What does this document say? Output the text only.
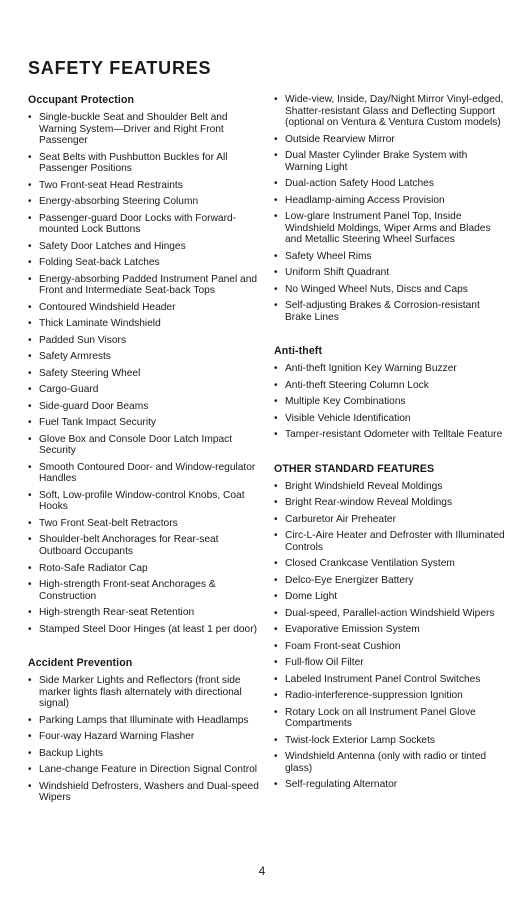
SAFETY FEATURES
Occupant Protection
• Single-buckle Seat and Shoulder Belt and Warning System—Driver and Right Front Passenger
• Seat Belts with Pushbutton Buckles for All Passenger Positions
• Two Front-seat Head Restraints
• Energy-absorbing Steering Column
• Passenger-guard Door Locks with Forward-mounted Lock Buttons
• Safety Door Latches and Hinges
• Folding Seat-back Latches
• Energy-absorbing Padded Instrument Panel and Front and Intermediate Seat-back Tops
• Contoured Windshield Header
• Thick Laminate Windshield
• Padded Sun Visors
• Safety Armrests
• Safety Steering Wheel
• Cargo-Guard
• Side-guard Door Beams
• Fuel Tank Impact Security
• Glove Box and Console Door Latch Impact Security
• Smooth Contoured Door- and Window-regulator Handles
• Soft, Low-profile Window-control Knobs, Coat Hooks
• Two Front Seat-belt Retractors
• Shoulder-belt Anchorages for Rear-seat Outboard Occupants
• Roto-Safe Radiator Cap
• High-strength Front-seat Anchorages & Construction
• High-strength Rear-seat Retention
• Stamped Steel Door Hinges (at least 1 per door)
Accident Prevention
• Side Marker Lights and Reflectors (front side marker lights flash alternately with directional signal)
• Parking Lamps that Illuminate with Headlamps
• Four-way Hazard Warning Flasher
• Backup Lights
• Lane-change Feature in Direction Signal Control
• Windshield Defrosters, Washers and Dual-speed Wipers
• Wide-view, Inside, Day/Night Mirror Vinyl-edged, Shatter-resistant Glass and Deflecting Support (optional on Ventura & Ventura Custom models)
• Outside Rearview Mirror
• Dual Master Cylinder Brake System with Warning Light
• Dual-action Safety Hood Latches
• Headlamp-aiming Access Provision
• Low-glare Instrument Panel Top, Inside Windshield Moldings, Wiper Arms and Blades and Metallic Steering Wheel Surfaces
• Safety Wheel Rims
• Uniform Shift Quadrant
• No Winged Wheel Nuts, Discs and Caps
• Self-adjusting Brakes & Corrosion-resistant Brake Lines
Anti-theft
• Anti-theft Ignition Key Warning Buzzer
• Anti-theft Steering Column Lock
• Multiple Key Combinations
• Visible Vehicle Identification
• Tamper-resistant Odometer with Telltale Feature
OTHER STANDARD FEATURES
• Bright Windshield Reveal Moldings
• Bright Rear-window Reveal Moldings
• Carburetor Air Preheater
• Circ-L-Aire Heater and Defroster with Illuminated Controls
• Closed Crankcase Ventilation System
• Delco-Eye Energizer Battery
• Dome Light
• Dual-speed, Parallel-action Windshield Wipers
• Evaporative Emission System
• Foam Front-seat Cushion
• Full-flow Oil Filter
• Labeled Instrument Panel Control Switches
• Radio-interference-suppression Ignition
• Rotary Lock on all Instrument Panel Glove Compartments
• Twist-lock Exterior Lamp Sockets
• Windshield Antenna (only with radio or tinted glass)
• Self-regulating Alternator
4
